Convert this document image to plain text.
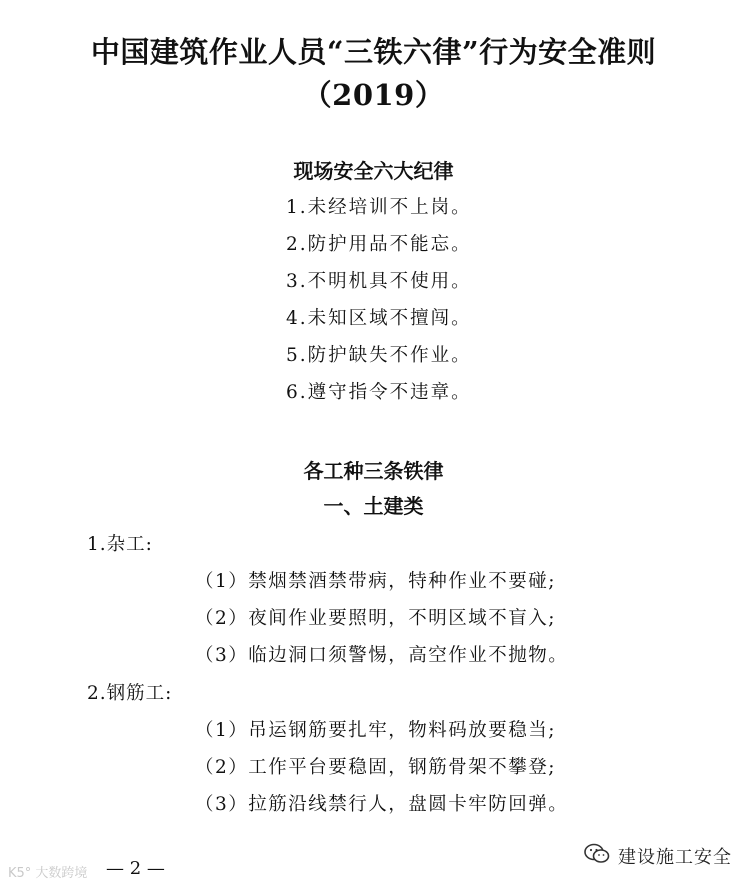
中国建筑作业人员“三铁六律”行为安全准则
（2019）
现场安全六大纪律
1.未经培训不上岗。
2.防护用品不能忘。
3.不明机具不使用。
4.未知区域不擅闯。
5.防护缺失不作业。
6.遵守指令不违章。
各工种三条铁律
一、土建类
1.杂工:
（1）禁烟禁酒禁带病，特种作业不要碰;
（2）夜间作业要照明，不明区域不盲入;
（3）临边洞口须警惕，高空作业不抛物。
2.钢筋工:
（1）吊运钢筋要扎牢，物料码放要稳当;
（2）工作平台要稳固，钢筋骨架不攀登;
（3）拉筋沿线禁行人，盘圆卡牢防回弹。
K5° 大数跨境 — 2 —
建设施工安全
